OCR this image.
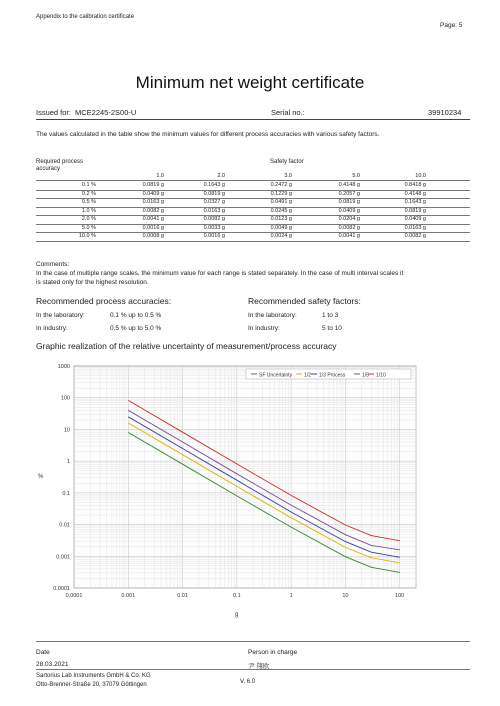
Appendix to the calibration certificate
Page: 5
Minimum net weight certificate
Issued for: MCE2245-2S00-U	Serial no.:	39910234
The values calculated in the table show the minimum values for different process accuracies with various safety factors.
Required process accuracy
Safety factor
1.0	2.0	3.0	5.0	10.0
0.1 %	0.0819 g	0.1643 g	0.2472 g	0.4148 g	0.8418 g
0.2 %	0.0409 g	0.0819 g	0.1229 g	0.2057 g	0.4148 g
0.5 %	0.0163 g	0.0327 g	0.0491 g	0.0819 g	0.1643 g
1.0 %	0.0082 g	0.0163 g	0.0245 g	0.0409 g	0.0819 g
2.0 %	0.0041 g	0.0082 g	0.0123 g	0.0204 g	0.0409 g
5.0 %	0.0016 g	0.0033 g	0.0049 g	0.0082 g	0.0163 g
10.0 %	0.0008 g	0.0016 g	0.0024 g	0.0041 g	0.0082 g
Comments:
In the case of multiple range scales, the minimum value for each range is stated separately. In the case of multi interval scales it
is stated only for the highest resolution.
Recommended process accuracies:
In the laboratory:	0.1 % up to 0.5 %
In industry:	0.5 % up to 5.0 %
Recommended safety factors:
In the laboratory:	1 to 3
In industry:	5 to 10
Graphic realization of the relative uncertainty of measurement/process accuracy
0.0001	0.001	0.01	0.1	1	10	100
1000
100
10
1
0.1
0.01
0.001
0.0001
%
g
SF Uncertainty 1/2 1/3 Process	1/5 1/10
Date
28.03.2021
Person in charge
尹 翔欧
Sartorius Lab Instruments GmbH & Co. KG
Otto-Brenner-Straße 20, 37079 Göttingen	V. 6.0
